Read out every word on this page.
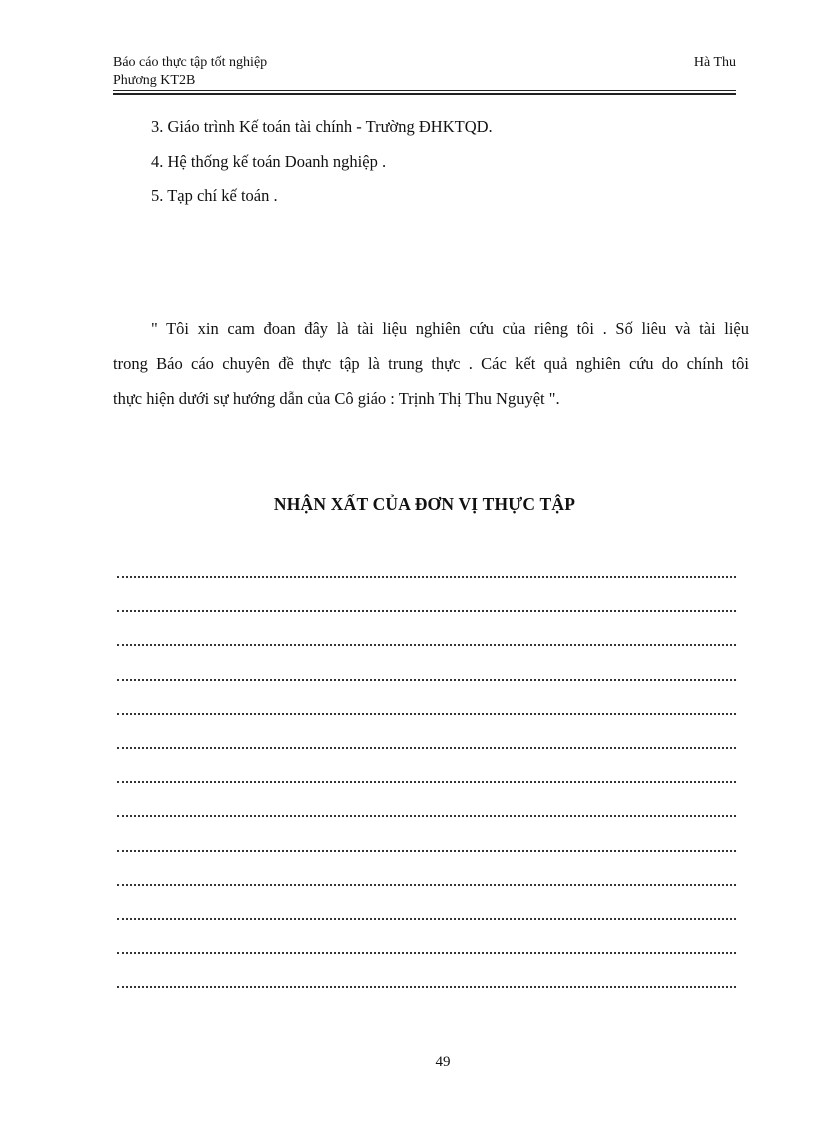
Báo cáo thực tập tốt nghiệp
Phương KT2B
Hà Thu
3. Giáo trình Kế toán tài chính - Trường ĐHKTQD.
4. Hệ thống kế toán Doanh nghiệp .
5. Tạp chí kế toán .
" Tôi xin cam đoan đây là tài liệu nghiên cứu của riêng tôi . Số liêu và tài liệu
trong Báo cáo chuyên đề thực tập là trung thực . Các kết quả nghiên cứu do chính tôi
thực hiện dưới sự hướng dẫn của Cô giáo : Trịnh Thị Thu Nguyệt ".
NHẬN XẤT CỦA ĐƠN VỊ THỰC TẬP
49
